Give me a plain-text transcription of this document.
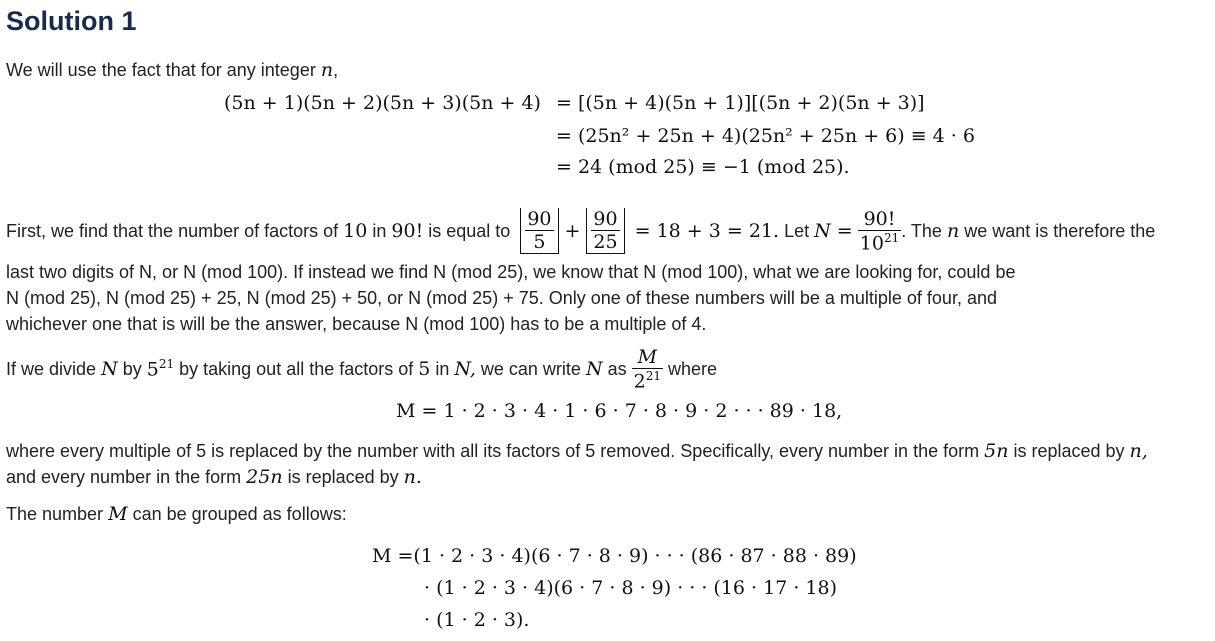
Solution 1
We will use the fact that for any integer n,
(5n + 1)(5n + 2)(5n + 3)(5n + 4) = [(5n + 4)(5n + 1)][(5n + 2)(5n + 3)]
= (25n² + 25n + 4)(25n² + 25n + 6) ≡ 4 · 6
= 24 (mod 25) ≡ −1 (mod 25).
First, we find that the number of factors of
10
in
90!
is equal to
$\frac{90}{5} + \frac{90}{25}$
= 18 + 3 = 21.
Let
N =
$\frac{90!}{10^{21}}$ . The
n
we want is therefore the
last two digits of N, or N (mod 100). If instead we find N (mod 25), we know that N (mod 100), what we are looking for, could be
N (mod 25), N (mod 25) + 25, N (mod 25) + 50, or N (mod 25) + 75. Only one of these numbers will be a multiple of four, and
whichever one that is will be the answer, because N (mod 100) has to be a multiple of 4.
If we divide
N
by
$5^{21}$
by taking out all the factors of
5
in
N,
we can write
N
as
$\frac{M}{2^{21}}$
where
M = 1 · 2 · 3 · 4 · 1 · 6 · 7 · 8 · 9 · 2 · · · 89 · 18,
where every multiple of 5 is replaced by the number with all its factors of 5 removed. Specifically, every number in the form 5n is replaced by n,
and every number in the form 25n is replaced by n.
The number M can be grouped as follows:
M =(1 · 2 · 3 · 4)(6 · 7 · 8 · 9) · · · (86 · 87 · 88 · 89)
· (1 · 2 · 3 · 4)(6 · 7 · 8 · 9) · · · (16 · 17 · 18)
· (1 · 2 · 3).
